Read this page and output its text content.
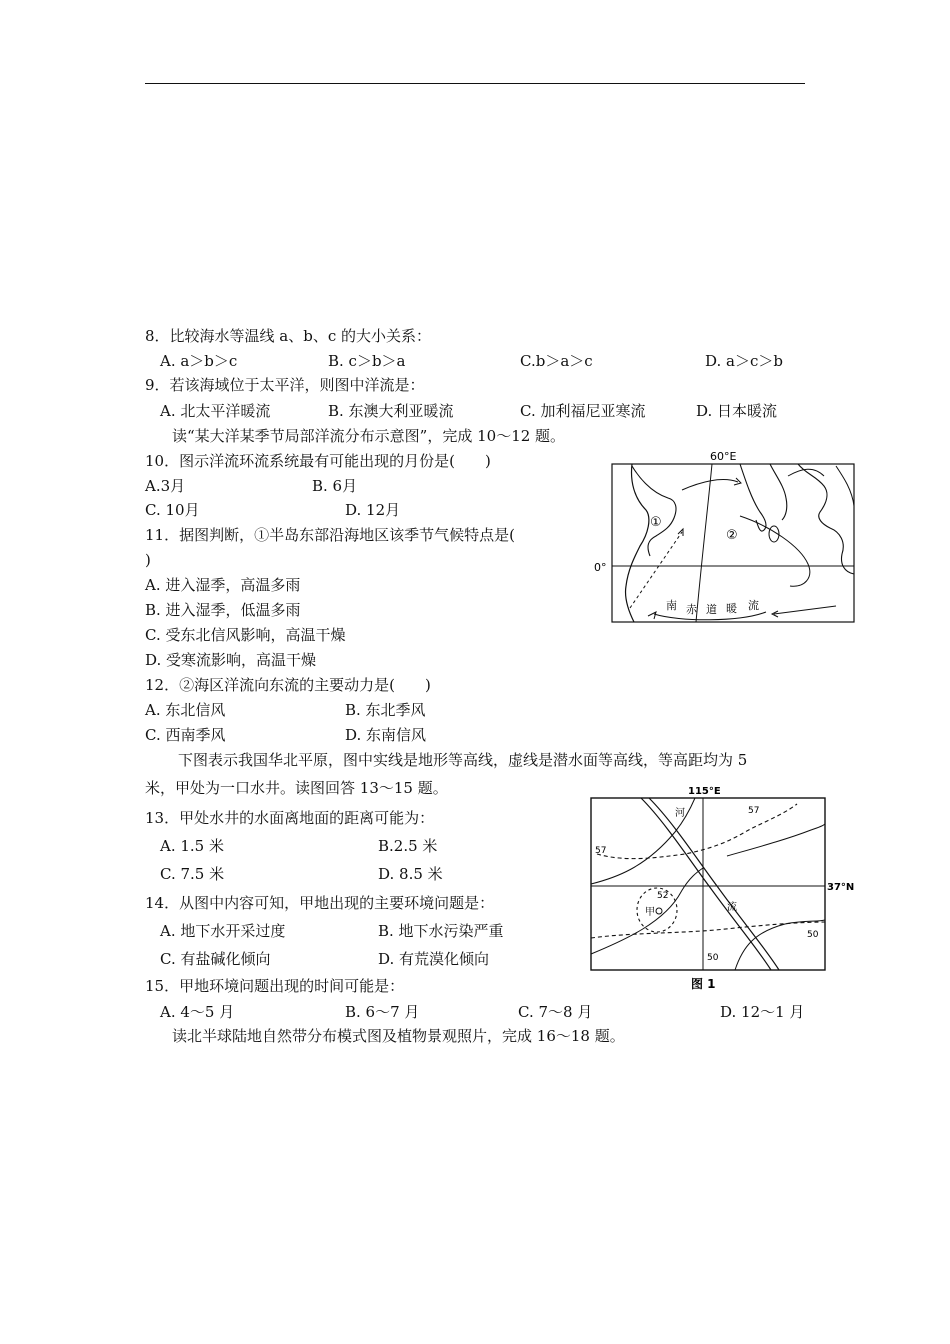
8．比较海水等温线 a、b、c 的大小关系：
A. a＞b＞c	B. c＞b＞a	C.b＞a＞c	D. a＞c＞b
9．若该海域位于太平洋，则图中洋流是：
A. 北太平洋暖流	B. 东澳大利亚暖流	C. 加利福尼亚寒流	D. 日本暖流
读“某大洋某季节局部洋流分布示意图”，完成 10～12 题。
10．图示洋流环流系统最有可能出现的月份是(　　)
A.3月	B. 6月
C. 10月	D. 12月
11．据图判断，①半岛东部沿海地区该季节气候特点是(
)
A. 进入湿季，高温多雨
B. 进入湿季，低温多雨
C. 受东北信风影响，高温干燥
D. 受寒流影响，高温干燥
12．②海区洋流向东流的主要动力是(　　)
A. 东北信风	B. 东北季风
C. 西南季风	D. 东南信风
下图表示我国华北平原，图中实线是地形等高线，虚线是潜水面等高线，等高距均为 5
米，甲处为一口水井。读图回答 13～15 题。
13．甲处水井的水面离地面的距离可能为：
A. 1.5 米	B.2.5 米
C. 7.5 米	D. 8.5 米
14．从图中内容可知，甲地出现的主要环境问题是：
A. 地下水开采过度	B. 地下水污染严重
C. 有盐碱化倾向	D. 有荒漠化倾向
15．甲地环境问题出现的时间可能是：
A. 4～5 月	B. 6～7 月	C. 7～8 月	D. 12～1 月
读北半球陆地自然带分布模式图及植物景观照片，完成 16～18 题。
60°E
0°
①
②
南 赤 道 暖 流
115°E
37°N
河
流
甲
57
57
52
50
50
图 1
